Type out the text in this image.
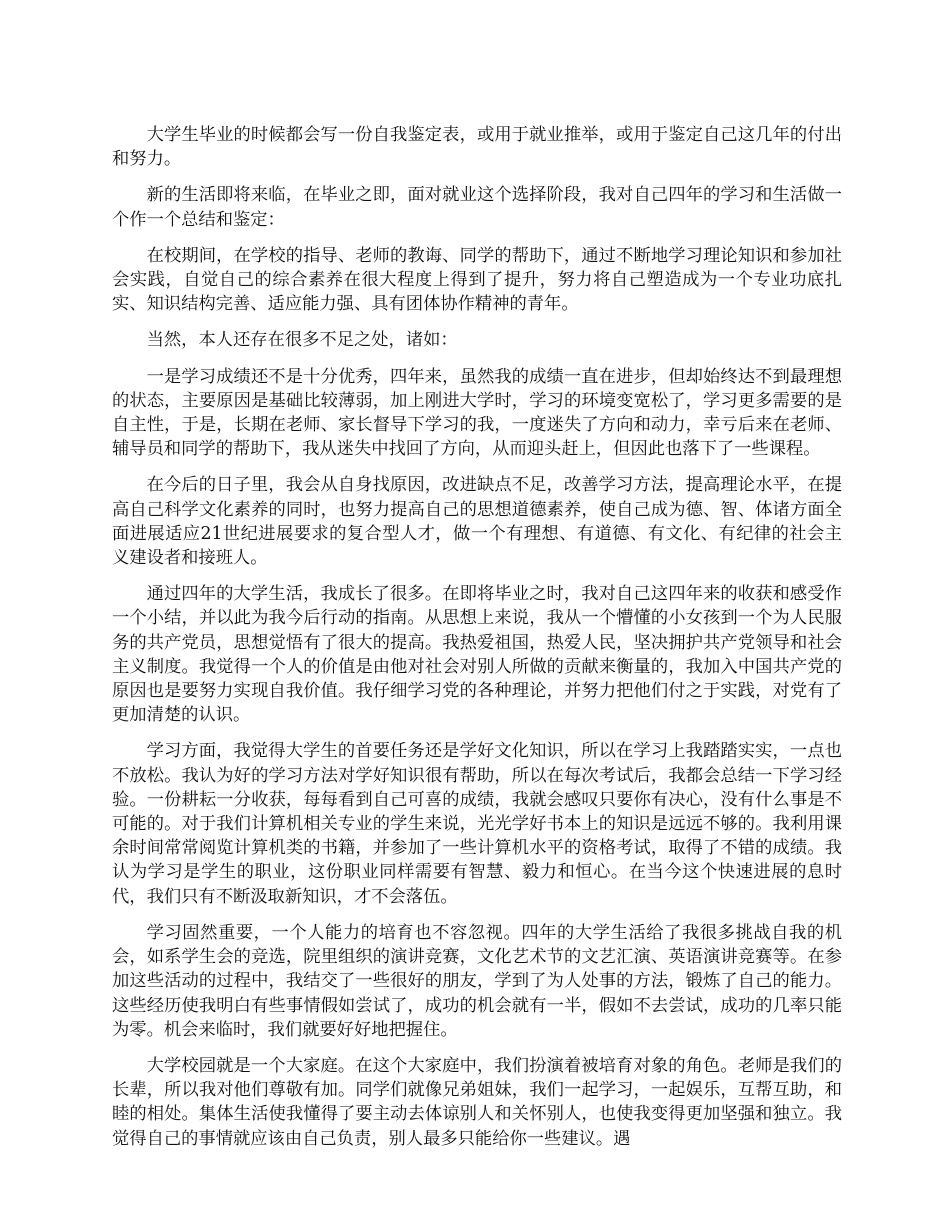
大学生毕业的时候都会写一份自我鉴定表，或用于就业推举，或用于鉴定自己这几年的付出和努力。

新的生活即将来临，在毕业之即，面对就业这个选择阶段，我对自己四年的学习和生活做一个作一个总结和鉴定：

在校期间，在学校的指导、老师的教诲、同学的帮助下，通过不断地学习理论知识和参加社会实践，自觉自己的综合素养在很大程度上得到了提升，努力将自己塑造成为一个专业功底扎实、知识结构完善、适应能力强、具有团体协作精神的青年。

当然，本人还存在很多不足之处，诸如：

一是学习成绩还不是十分优秀，四年来，虽然我的成绩一直在进步，但却始终达不到最理想的状态，主要原因是基础比较薄弱，加上刚进大学时，学习的环境变宽松了，学习更多需要的是自主性，于是，长期在老师、家长督导下学习的我，一度迷失了方向和动力，幸亏后来在老师、辅导员和同学的帮助下，我从迷失中找回了方向，从而迎头赶上，但因此也落下了一些课程。

在今后的日子里，我会从自身找原因，改进缺点不足，改善学习方法，提高理论水平，在提高自己科学文化素养的同时，也努力提高自己的思想道德素养，使自己成为德、智、体诸方面全面进展适应21世纪进展要求的复合型人才，做一个有理想、有道德、有文化、有纪律的社会主义建设者和接班人。

通过四年的大学生活，我成长了很多。在即将毕业之时，我对自己这四年来的收获和感受作一个小结，并以此为我今后行动的指南。从思想上来说，我从一个懵懂的小女孩到一个为人民服务的共产党员，思想觉悟有了很大的提高。我热爱祖国，热爱人民，坚决拥护共产党领导和社会主义制度。我觉得一个人的价值是由他对社会对别人所做的贡献来衡量的，我加入中国共产党的原因也是要努力实现自我价值。我仔细学习党的各种理论，并努力把他们付之于实践，对党有了更加清楚的认识。

学习方面，我觉得大学生的首要任务还是学好文化知识，所以在学习上我踏踏实实，一点也不放松。我认为好的学习方法对学好知识很有帮助，所以在每次考试后，我都会总结一下学习经验。一份耕耘一分收获，每每看到自己可喜的成绩，我就会感叹只要你有决心，没有什么事是不可能的。对于我们计算机相关专业的学生来说，光光学好书本上的知识是远远不够的。我利用课余时间常常阅览计算机类的书籍，并参加了一些计算机水平的资格考试，取得了不错的成绩。我认为学习是学生的职业，这份职业同样需要有智慧、毅力和恒心。在当今这个快速进展的息时代，我们只有不断汲取新知识，才不会落伍。

学习固然重要，一个人能力的培育也不容忽视。四年的大学生活给了我很多挑战自我的机会，如系学生会的竞选，院里组织的演讲竞赛，文化艺术节的文艺汇演、英语演讲竞赛等。在参加这些活动的过程中，我结交了一些很好的朋友，学到了为人处事的方法，锻炼了自己的能力。这些经历使我明白有些事情假如尝试了，成功的机会就有一半，假如不去尝试，成功的几率只能为零。机会来临时，我们就要好好地把握住。

大学校园就是一个大家庭。在这个大家庭中，我们扮演着被培育对象的角色。老师是我们的长辈，所以我对他们尊敬有加。同学们就像兄弟姐妹，我们一起学习，一起娱乐，互帮互助，和睦的相处。集体生活使我懂得了要主动去体谅别人和关怀别人，也使我变得更加坚强和独立。我觉得自己的事情就应该由自己负责，别人最多只能给你一些建议。遇
